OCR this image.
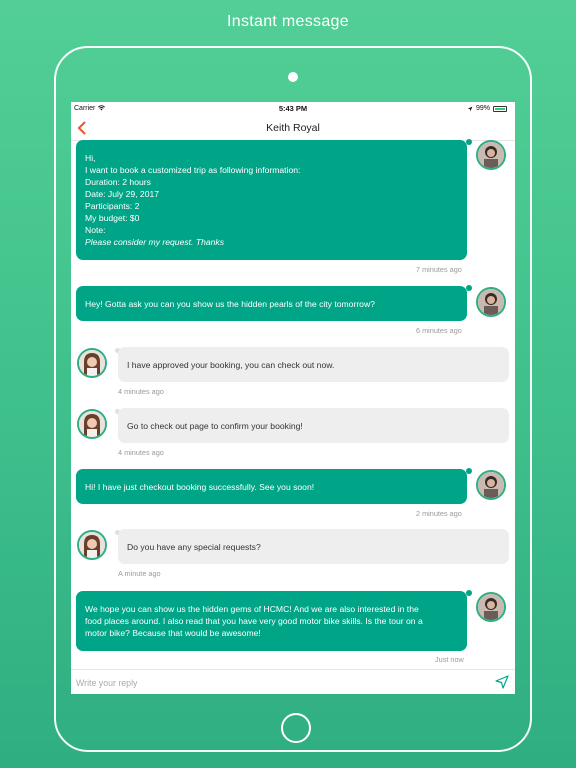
Instant message
Carrier	5:43 PM	99%
Keith Royal
Hi,
I want to book a customized trip as following information:
Duration: 2 hours
Date: July 29, 2017
Participants: 2
My budget: $0
Note:
Please consider my request. Thanks
7 minutes ago
Hey! Gotta ask you can you show us the hidden pearls of the city tomorrow?
6 minutes ago
I have approved your booking, you can check out now.
4 minutes ago
Go to check out page to confirm your booking!
4 minutes ago
Hi! I have just checkout booking successfully. See you soon!
2 minutes ago
Do you have any special requests?
A minute ago
We hope you can show us the hidden gems of HCMC! And we are also interested in the
food places around. I also read that you have very good motor bike skills. Is the tour on a
motor bike? Because that would be awesome!
Just now
Write your reply
